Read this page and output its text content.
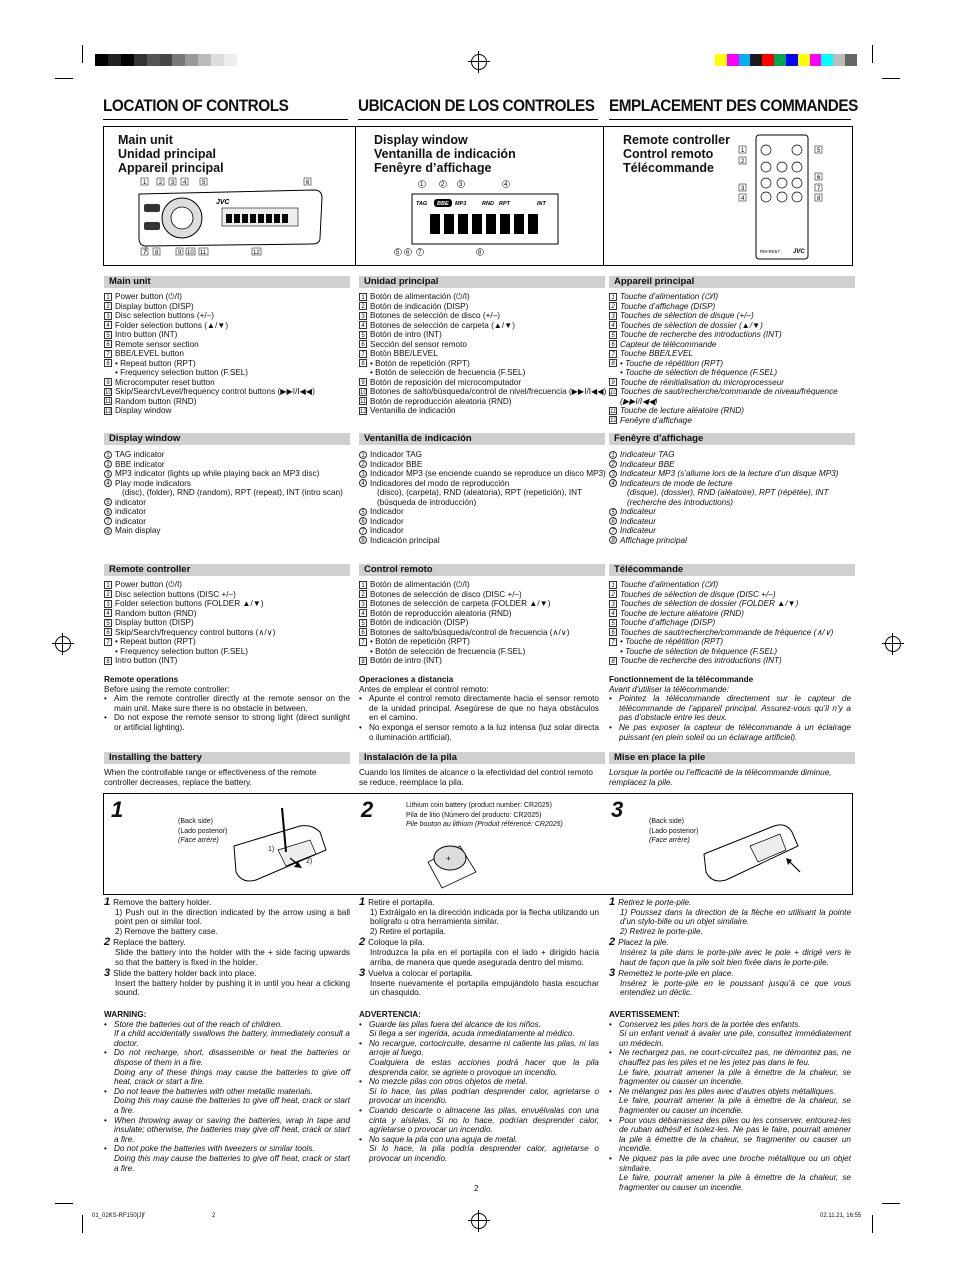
LOCATION OF CONTROLS	UBICACION DE LOS CONTROLES EMPLACEMENT DES COMMANDES
Main unit
Unidad principal
Appareil principal
Display window
Ventanilla de indicación
Fenêyre d’affichage
Remote controller
Control remoto
Télécommande
1 2 3 4	5	6
JVC
7 8	9 10 11	12
1	2 3	4
TAG BBE MP3	RPT
RND	INT
5 6 7	8
1
2
3
4
5
6
7
8
RM-RK57 JVC
Main unit	Unidad principal	Appareil principal
1 Power button (⏻/I)
2 Display button (DISP)
3 Disc selection buttons (+/–)
4 Folder selection buttons (▲/▼)
5 Intro button (INT)
6 Remote sensor section
7 BBE/LEVEL button
8 • Repeat button (RPT)
• Frequency selection button (F.SEL)
9 Microcomputer reset button
10 Skip/Search/Level/frequency control buttons (▶▶I/I◀◀)
11 Random button (RND)
12 Display window
1 Botón de alimentación (⏻/I)
2 Botón de indicación (DISP)
3 Botones de selección de disco (+/–)
4 Botones de selección de carpeta (▲/▼)
5 Botón de intro (INT)
6 Sección del sensor remoto
7 Botón BBE/LEVEL
8 • Botón de repetición (RPT)
• Botón de selección de frecuencia (F.SEL)
9 Botón de reposición del microcomputador
10 Botones de salto/búsqueda/control de nivel/frecuencia (▶▶I/I◀◀)
11 Botón de reproducción aleatoria (RND)
12 Ventanilla de indicación
1 Touche d’alimentation (⏻/I)
2 Touche d’affichage (DISP)
3 Touches de sélection de disque (+/–)
4 Touches de sélection de dossier (▲/▼)
5 Touche de recherche des introductions (INT)
6 Capteur de télécommande
7 Touche BBE/LEVEL
8 • Touche de répétition (RPT)
• Touche de sélection de fréquence (F.SEL)
9 Touche de réinitialisation du microprocesseur
10 Touches de saut/recherche/commande de niveau/fréquence (▶▶I/I◀◀)
11 Touche de lecture aléatoire (RND)
12 Fenêyre d’affichage
Display window	Ventanilla de indicación	Fenêyre d’affichage
1 TAG indicator
2 BBE indicator
3 MP3 indicator (lights up while playing back an MP3 disc)
4 Play mode indicators
(disc), (folder), RND (random), RPT (repeat), INT (intro scan)
5 indicator
6 indicator
7 indicator
8 Main display
1 Indicador TAG
2 Indicador BBE
3 Indicador MP3 (se enciende cuando se reproduce un disco MP3)
4 Indicadores del modo de reproducción
(disco), (carpeta), RND (aleatoria), RPT (repetición), INT (búsqueda de introducción)
5 Indicador
6 Indicador
7 Indicador
8 Indicación principal
1 Indicateur TAG
2 Indicateur BBE
3 Indicateur MP3 (s’allume lors de la lecture d’un disque MP3)
4 Indicateurs de mode de lecture
(disque), (dossier), RND (aléatoire), RPT (répétée), INT (recherche des introductions)
5 Indicateur
6 Indicateur
7 Indicateur
8 Affichage principal
Remote controller	Control remoto	Télécommande
1 Power button (⏻/I)
2 Disc selection buttons (DISC +/–)
3 Folder selection buttons (FOLDER ▲/▼)
4 Random button (RND)
5 Display button (DISP)
6 Skip/Search/frequency control buttons (∧/∨)
7 • Repeat button (RPT)
• Frequency selection button (F.SEL)
8 Intro button (INT)
1 Botón de alimentación (⏻/I)
2 Botones de selección de disco (DISC +/–)
3 Botones de selección de carpeta (FOLDER ▲/▼)
4 Botón de reproducción aleatoria (RND)
5 Botón de indicación (DISP)
6 Botones de salto/búsqueda/control de frecuencia (∧/∨)
7 • Botón de repetición (RPT)
• Botón de selección de frecuencia (F.SEL)
8 Botón de intro (INT)
1 Touche d’alimentation (⏻/I)
2 Touches de sélection de disque (DISC +/–)
3 Touches de sélection de dossier (FOLDER ▲/▼)
4 Touche de lecture aléatoire (RND)
5 Touche d’affichage (DISP)
6 Touches de saut/recherche/commande de fréquence (∧/∨)
7 • Touche de répétition (RPT)
• Touche de sélection de fréquence (F.SEL)
8 Touche de recherche des introductions (INT)
Remote operations
Before using the remote controller:
• Aim the remote controller directly at the remote sensor on the main unit. Make sure there is no obstacle in between.
• Do not expose the remote sensor to strong light (direct sunlight or artificial lighting).
Operaciones a distancia
Antes de emplear el control remoto:
• Apunte el control remoto directamente hacia el sensor remoto de la unidad principal. Asegúrese de que no haya obstáculos en el camino.
• No exponga el sensor remoto a la luz intensa (luz solar directa o iluminación artificial).
Fonctionnement de la télécommande
Avant d’utiliser la télécommande:
• Pointez la télécommande directement sur le capteur de télécommande de l’appareil principal. Assurez-vous qu’il n’y a pas d’obstacle entre les deux.
• Ne pas exposer la capteur de télécommande à un éclairage puissant (en plein soleil ou un éclairage artificiel).
Installing the battery	Instalación de la pila	Mise en place la pile
When the controllable range or effectiveness of the remote controller decreases, replace the battery.
Cuando los límites de alcance o la efectividad del control remoto se reduce, reemplace la pila.
Lorsque la portée ou l’efficacité de la télécommande diminue, remplacez la pile.
1	2	3
(Back side)
(Lado posterior)
(Face arrère)
1)
2)
Lithium coin battery (product number: CR2025)
Pila de litio (Número del producto: CR2025)
Pile bouton au lithium (Produit référencé: CR2025)
+
(Back side)
(Lado posterior)
(Face arrère)
1 Remove the battery holder.
1) Push out in the direction indicated by the arrow using a ball point pen or similar tool.
2) Remove the battery case.
2 Replace the battery.
Slide the battery into the holder with the + side facing upwards so that the battery is fixed in the holder.
3 Slide the battery holder back into place.
Insert the battery holder by pushing it in until you hear a clicking sound.
1 Retire el portapila.
1) Extráigalo en la dirección indicada por la flecha utilizando un bolígrafo u otra herramienta similar.
2) Retire el portapila.
2 Coloque la pila.
Introduzca la pila en el portapila con el lado + dirigido hacia arriba, de manera que quede asegurada dentro del mismo.
3 Vuelva a colocar el portapila.
Inserte nuevamente el portapila empujándolo hasta escuchar un chasquido.
1 Retirez le porte-pile.
1) Poussez dans la direction de la flèche en utilisant la pointe d’un stylo-bille ou un objet similaire.
2) Retirez le porte-pile.
2 Placez la pile.
Insérez la pile dans le porte-pile avec le pole + dirigé vers le haut de façon que la pile soit bien fixée dans le porte-pile.
3 Remettez le porte-pile en place.
Insérez le porte-pile en le poussant jusqu’à ce que vous entendiez un déclic.
WARNING:
• Store the batteries out of the reach of children.
If a child accidentally swallows the battery, immediately consult a doctor.
• Do not recharge, short, disassemble or heat the batteries or dispose of them in a fire.
Doing any of these things may cause the batteries to give off heat, crack or start a fire.
• Do not leave the batteries with other metallic materials.
Doing this may cause the batteries to give off heat, crack or start a fire.
• When throwing away or saving the batteries, wrap in tape and insulate; otherwise, the batteries may give off heat, crack or start a fire.
• Do not poke the batteries with tweezers or similar tools.
Doing this may cause the batteries to give off heat, crack or start a fire.
ADVERTENCIA:
• Guarde las pilas fuera del alcance de los niños.
Si llega a ser ingerida, acuda inmediatamente al médico.
• No recargue, cortocircuite, desarme ni caliente las pilas, ni las arroje al fuego.
Cualquiera de estas acciones podrá hacer que la pila desprenda calor, se agriete o provoque un incendio.
• No mezcle pilas con otros objetos de metal.
Si lo hace, las pilas podrían desprender calor, agrietarse o provocar un incendio.
• Cuando descarte o almacene las pilas, envuélvalas con una cinta y aíslelas. Si no lo hace, podrían desprender calor, agrietarse o provocar un incendio.
• No saque la pila con una aguja de metal.
Si lo hace, la pila podría desprender calor, agrietarse o provocar un incendio.
AVERTISSEMENT:
• Conservez les piles hors de la portée des enfants.
Si un enfant venait à avaler une pile, consultez immédiatement un médecin.
• Ne rechargez pas, ne court-circuitez pas, ne démontez pas, ne chauffez pas les piles et ne les jetez pas dans le feu.
Le faire, pourrait amener la pile à émettre de la chaleur, se fragmenter ou causer un incendie.
• Ne mélangez pas les piles avec d’autres objets métalliques.
Le faire, pourrait amener la pile à émettre de la chaleur, se fragmenter ou causer un incendie.
• Pour vous débarrassez des piles ou les conserver, entourez-les de ruban adhésif et isolez-les. Ne pas le faire, pourrait amener la pile à émettre de la chaleur, se fragmenter ou causer un incendie.
• Ne piquez pas la pile avec une broche métallique ou un objet similaire.
Le faire, pourrait amener la pile à émettre de la chaleur, se fragmenter ou causer un incendie.
2
01_02KS-RF150[J]f	2	02.11.21, 16:55
